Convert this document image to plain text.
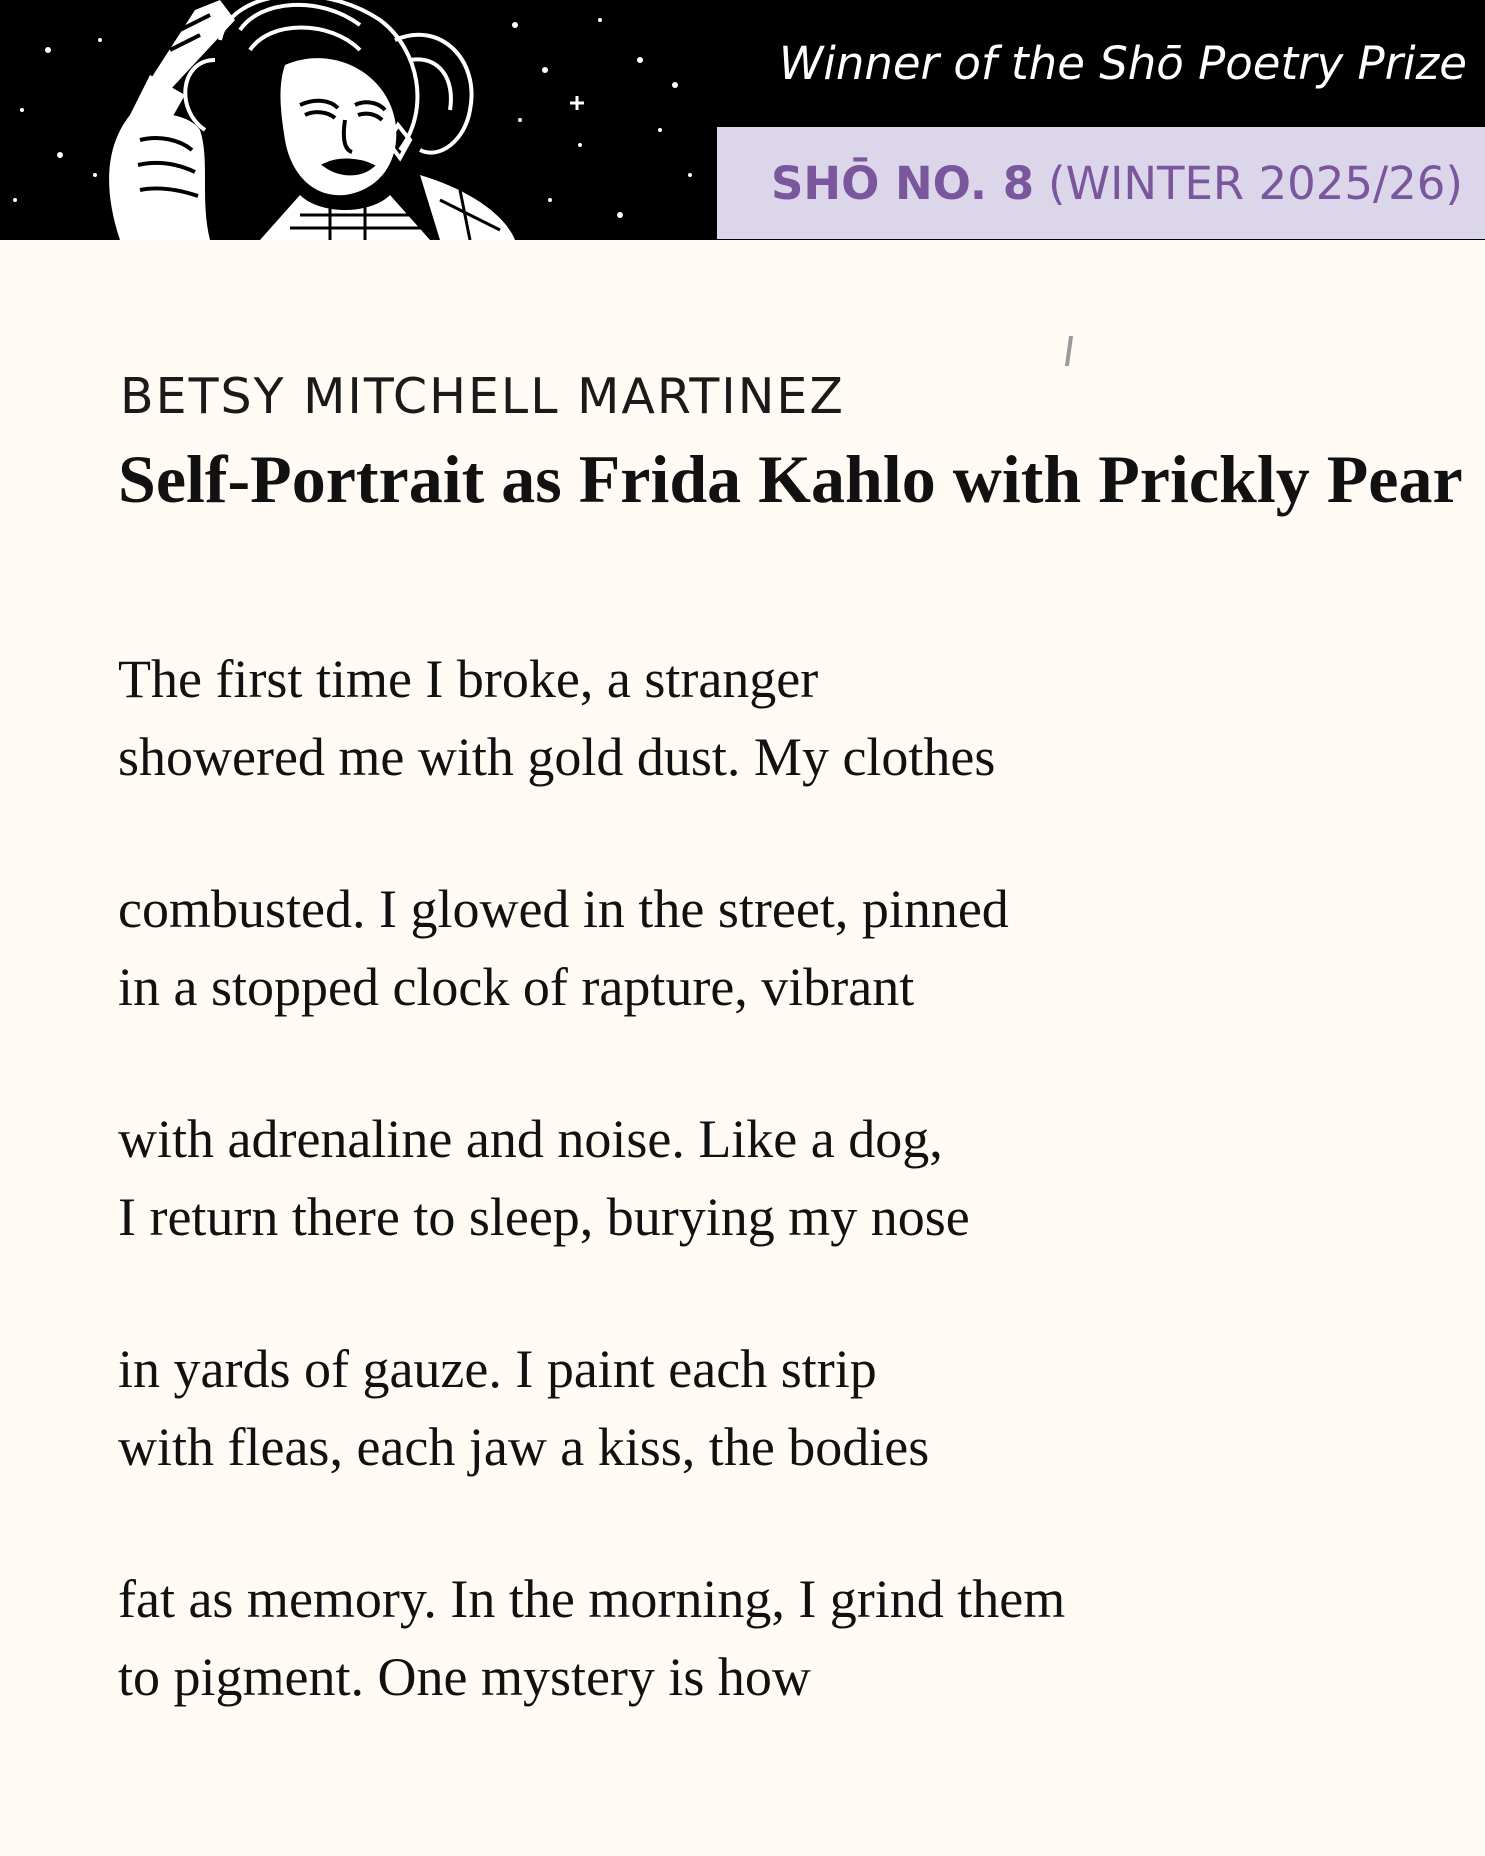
Winner of the Shō Poetry Prize
SHŌ NO. 8 (WINTER 2025/26)
BETSY MITCHELL MARTINEZ
Self-Portrait as Frida Kahlo with Prickly Pear
The first time I broke, a stranger
showered me with gold dust. My clothes
combusted. I glowed in the street, pinned
in a stopped clock of rapture, vibrant
with adrenaline and noise. Like a dog,
I return there to sleep, burying my nose
in yards of gauze. I paint each strip
with fleas, each jaw a kiss, the bodies
fat as memory. In the morning, I grind them
to pigment. One mystery is how
